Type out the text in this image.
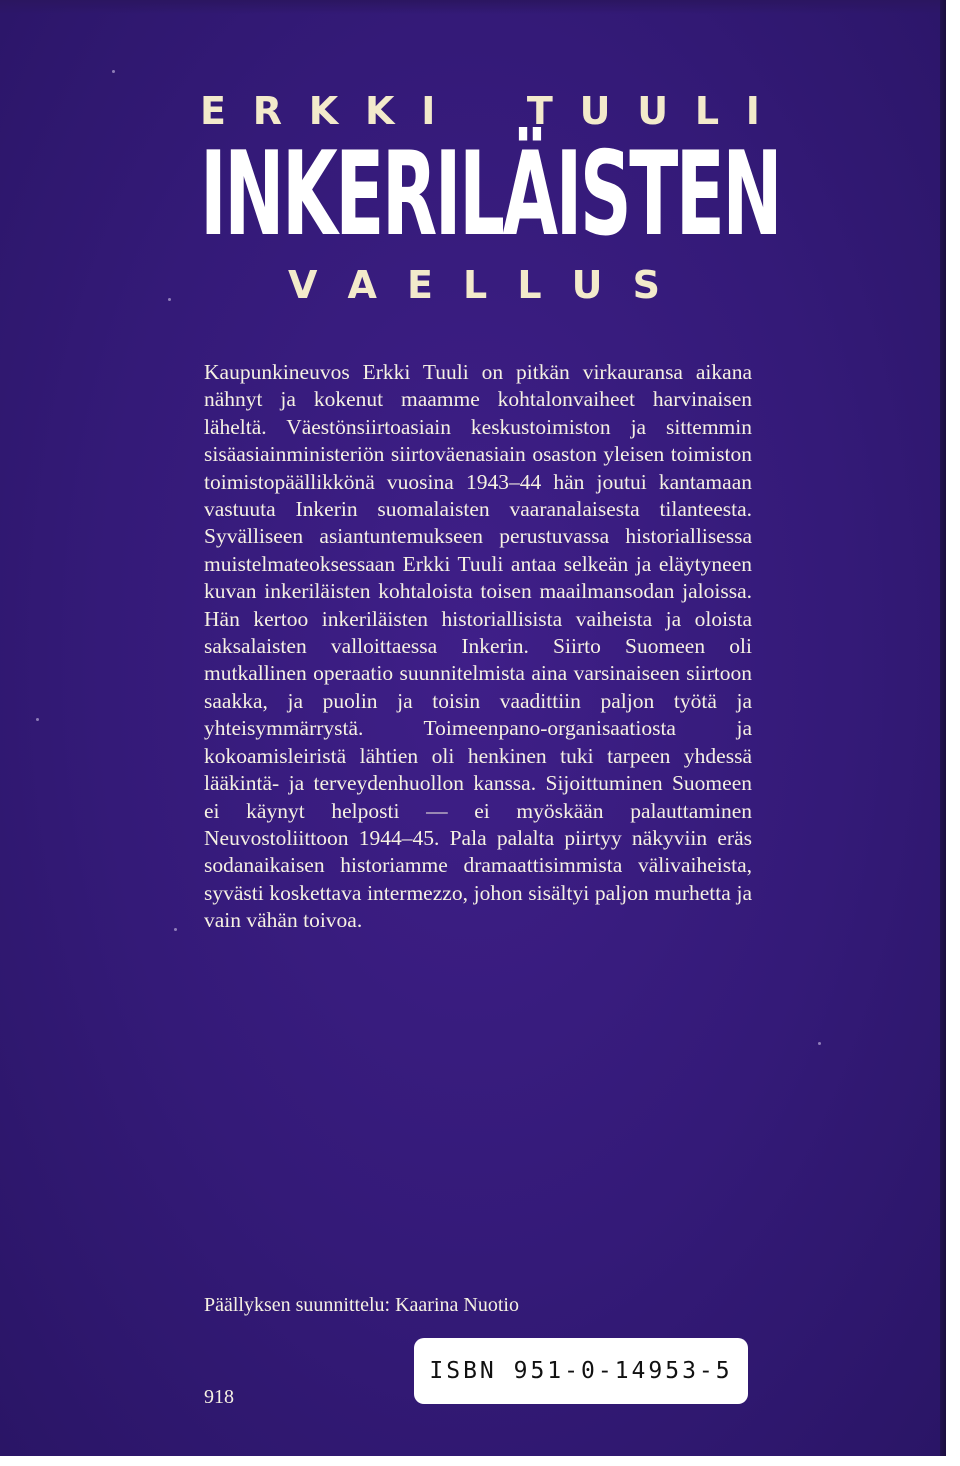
E R K K I T U U L I
INKERILÄISTEN
V A E L L U S

Kaupunkineuvos Erkki Tuuli on pitkän virkauransa aikana nähnyt ja kokenut maamme kohtalonvaiheet harvinaisen läheltä. Väestönsiirtoasiain keskustoimiston ja sittemmin sisäasiainministeriön siirtoväenasiain osaston yleisen toimiston toimistopäällikkönä vuosina 1943–44 hän joutui kantamaan vastuuta Inkerin suomalaisten vaaranalaisesta tilanteesta. Syvälliseen asiantuntemukseen perustuvassa historiallisessa muistelmateoksessaan Erkki Tuuli antaa selkeän ja eläytyneen kuvan inkeriläisten kohtaloista toisen maailmansodan jaloissa. Hän kertoo inkeriläisten historiallisista vaiheista ja oloista saksalaisten valloittaessa Inkerin. Siirto Suomeen oli mutkallinen operaatio suunnitelmista aina varsinaiseen siirtoon saakka, ja puolin ja toisin vaadittiin paljon työtä ja yhteisymmärrystä. Toimeenpano-organisaatiosta ja kokoamisleiristä lähtien oli henkinen tuki tarpeen yhdessä lääkintä- ja terveydenhuollon kanssa. Sijoittuminen Suomeen ei käynyt helposti — ei myöskään palauttaminen Neuvostoliittoon 1944–45. Pala palalta piirtyy näkyviin eräs sodanaikaisen historiamme dramaattisimmista välivaiheista, syvästi koskettava intermezzo, johon sisältyi paljon murhetta ja vain vähän toivoa.

Päällyksen suunnittelu: Kaarina Nuotio
ISBN 951-0-14953-5
918
